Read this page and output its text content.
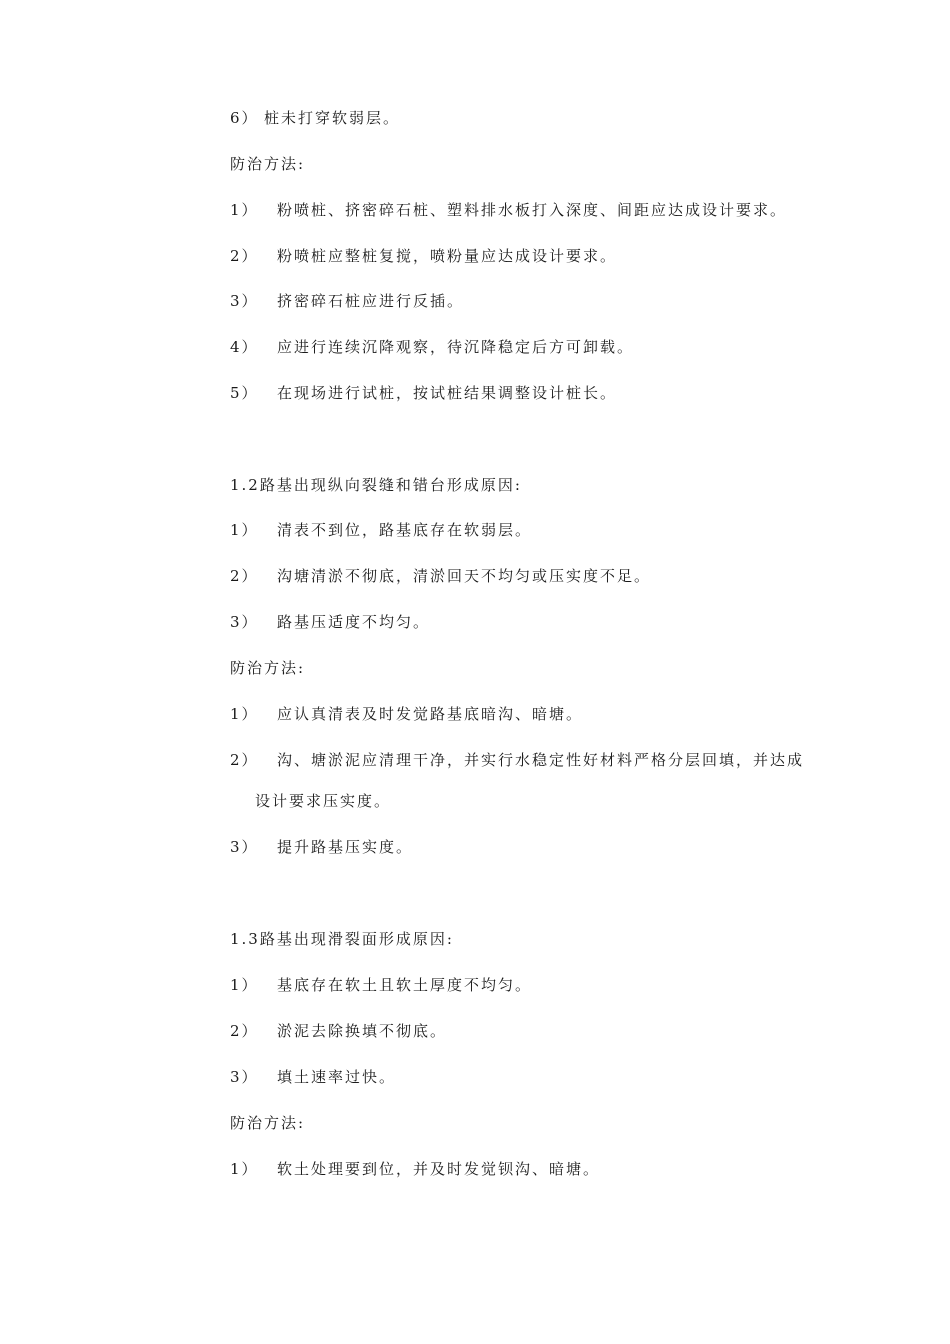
6） 桩未打穿软弱层。
防治方法:
1） 粉喷桩、挤密碎石桩、塑料排水板打入深度、间距应达成设计要求。
2） 粉喷桩应整桩复搅，喷粉量应达成设计要求。
3） 挤密碎石桩应进行反插。
4） 应进行连续沉降观察，待沉降稳定后方可卸载。
5） 在现场进行试桩，按试桩结果调整设计桩长。
1.2路基出现纵向裂缝和错台形成原因:
1） 清表不到位，路基底存在软弱层。
2） 沟塘清淤不彻底，清淤回天不均匀或压实度不足。
3） 路基压适度不均匀。
防治方法:
1） 应认真清表及时发觉路基底暗沟、暗塘。
2） 沟、塘淤泥应清理干净，并实行水稳定性好材料严格分层回填，并达成
设计要求压实度。
3） 提升路基压实度。
1.3路基出现滑裂面形成原因:
1） 基底存在软土且软土厚度不均匀。
2） 淤泥去除换填不彻底。
3） 填土速率过快。
防治方法:
1） 软土处理要到位，并及时发觉钡沟、暗塘。
